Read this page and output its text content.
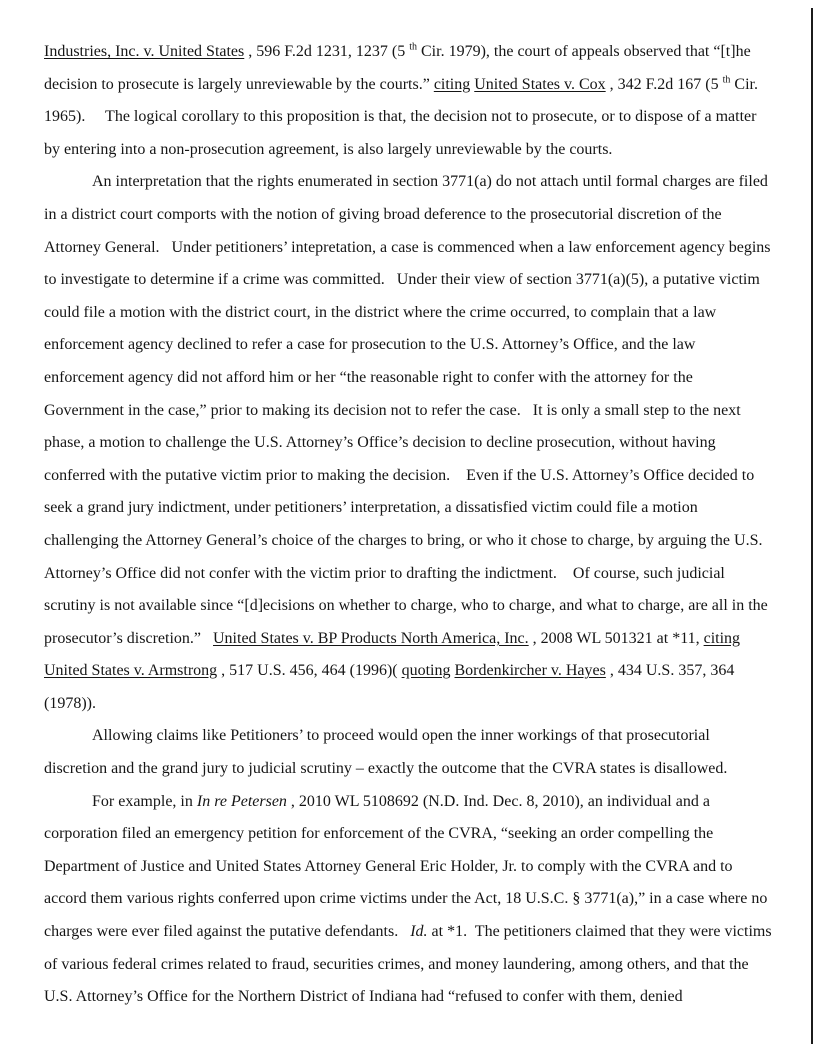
Industries, Inc. v. United States , 596 F.2d 1231, 1237 (5 $^{th}$ Cir. 1979), the court of appeals observed that “[t]he decision to prosecute is largely unreviewable by the courts.” citing United States v. Cox , 342 F.2d 167 (5 $^{th}$ Cir. 1965).     The logical corollary to this proposition is that, the decision not to prosecute, or to dispose of a matter by entering into a non-prosecution agreement, is also largely unreviewable by the courts.

An interpretation that the rights enumerated in section 3771(a) do not attach until formal charges are filed in a district court comports with the notion of giving broad deference to the prosecutorial discretion of the Attorney General.   Under petitioners’ intepretation, a case is commenced when a law enforcement agency begins to investigate to determine if a crime was committed.   Under their view of section 3771(a)(5), a putative victim could file a motion with the district court, in the district where the crime occurred, to complain that a law enforcement agency declined to refer a case for prosecution to the U.S. Attorney’s Office, and the law enforcement agency did not afford him or her “the reasonable right to confer with the attorney for the Government in the case,” prior to making its decision not to refer the case.   It is only a small step to the next phase, a motion to challenge the U.S. Attorney’s Office’s decision to decline prosecution, without having conferred with the putative victim prior to making the decision.    Even if the U.S. Attorney’s Office decided to seek a grand jury indictment, under petitioners’ interpretation, a dissatisfied victim could file a motion challenging the Attorney General’s choice of the charges to bring, or who it chose to charge, by arguing the U.S. Attorney’s Office did not confer with the victim prior to drafting the indictment.    Of course, such judicial scrutiny is not available since “[d]ecisions on whether to charge, who to charge, and what to charge, are all in the prosecutor’s discretion.”   United States v. BP Products North America, Inc. , 2008 WL 501321 at *11, citing United States v. Armstrong , 517 U.S. 456, 464 (1996)( quoting Bordenkircher v. Hayes , 434 U.S. 357, 364 (1978)).

Allowing claims like Petitioners’ to proceed would open the inner workings of that prosecutorial discretion and the grand jury to judicial scrutiny – exactly the outcome that the CVRA states is disallowed.

For example, in In re Petersen , 2010 WL 5108692 (N.D. Ind. Dec. 8, 2010), an individual and a corporation filed an emergency petition for enforcement of the CVRA, “seeking an order compelling the Department of Justice and United States Attorney General Eric Holder, Jr. to comply with the CVRA and to accord them various rights conferred upon crime victims under the Act, 18 U.S.C. § 3771(a),” in a case where no charges were ever filed against the putative defendants.   Id. at *1.  The petitioners claimed that they were victims of various federal crimes related to fraud, securities crimes, and money laundering, among others, and that the U.S. Attorney’s Office for the Northern District of Indiana had “refused to confer with them, denied
